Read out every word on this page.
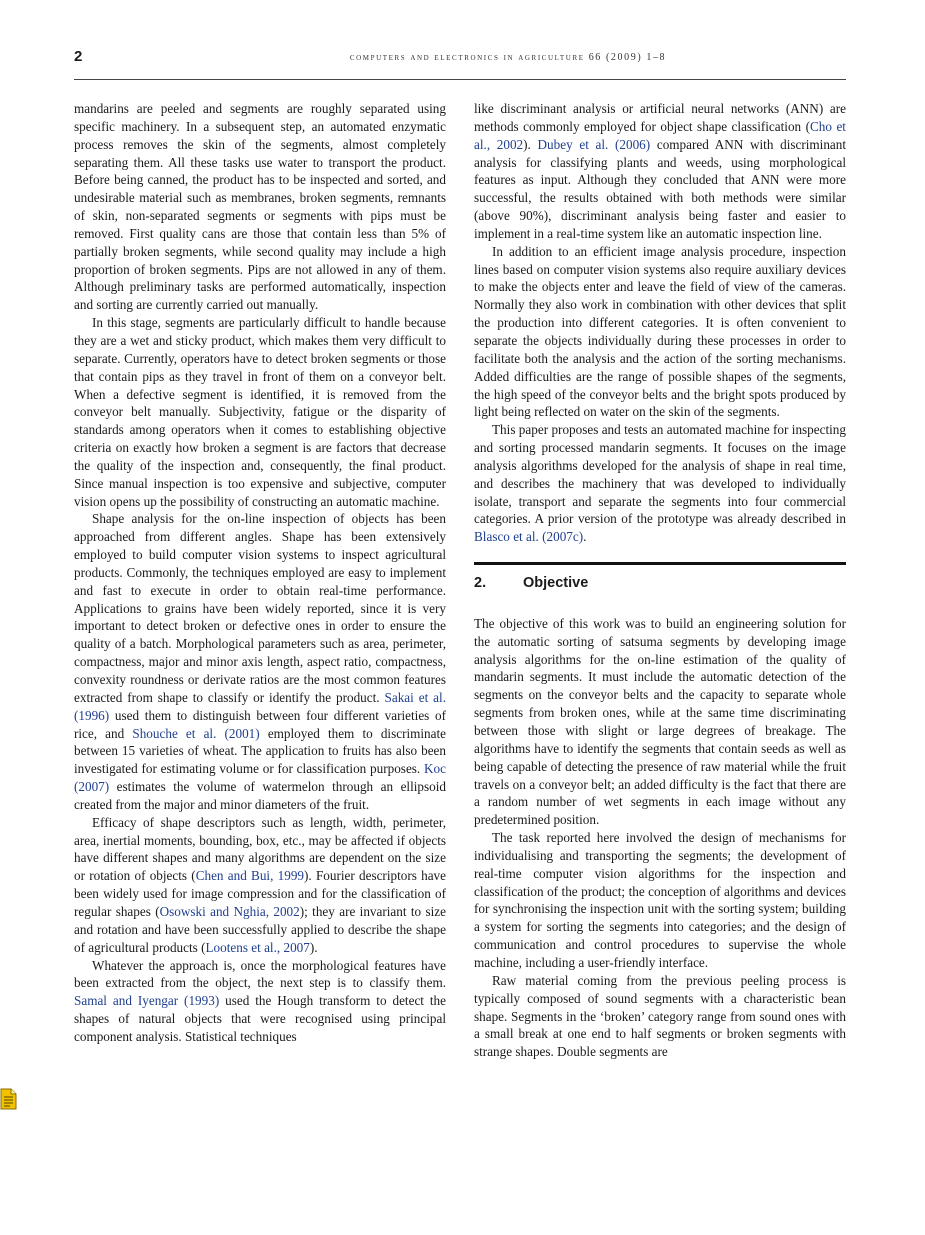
2	computers and electronics in agriculture 66 (2009) 1–8

mandarins are peeled and segments are roughly separated using specific machinery. In a subsequent step, an automated enzymatic process removes the skin of the segments, almost completely separating them. All these tasks use water to transport the product. Before being canned, the product has to be inspected and sorted, and undesirable material such as membranes, broken segments, remnants of skin, non-separated segments or segments with pips must be removed. First quality cans are those that contain less than 5% of partially broken segments, while second quality may include a high proportion of broken segments. Pips are not allowed in any of them. Although preliminary tasks are performed automatically, inspection and sorting are currently carried out manually.

In this stage, segments are particularly difficult to handle because they are a wet and sticky product, which makes them very difficult to separate. Currently, operators have to detect broken segments or those that contain pips as they travel in front of them on a conveyor belt. When a defective segment is identified, it is removed from the conveyor belt manually. Subjectivity, fatigue or the disparity of standards among operators when it comes to establishing objective criteria on exactly how broken a segment is are factors that decrease the quality of the inspection and, consequently, the final product. Since manual inspection is too expensive and subjective, computer vision opens up the possibility of constructing an automatic machine.

Shape analysis for the on-line inspection of objects has been approached from different angles. Shape has been extensively employed to build computer vision systems to inspect agricultural products. Commonly, the techniques employed are easy to implement and fast to execute in order to obtain real-time performance. Applications to grains have been widely reported, since it is very important to detect broken or defective ones in order to ensure the quality of a batch. Morphological parameters such as area, perimeter, compactness, major and minor axis length, aspect ratio, compactness, convexity roundness or derivate ratios are the most common features extracted from shape to classify or identify the product. Sakai et al. (1996) used them to distinguish between four different varieties of rice, and Shouche et al. (2001) employed them to discriminate between 15 varieties of wheat. The application to fruits has also been investigated for estimating volume or for classification purposes. Koc (2007) estimates the volume of watermelon through an ellipsoid created from the major and minor diameters of the fruit.

Efficacy of shape descriptors such as length, width, perimeter, area, inertial moments, bounding, box, etc., may be affected if objects have different shapes and many algorithms are dependent on the size or rotation of objects (Chen and Bui, 1999). Fourier descriptors have been widely used for image compression and for the classification of regular shapes (Osowski and Nghia, 2002); they are invariant to size and rotation and have been successfully applied to describe the shape of agricultural products (Lootens et al., 2007).

Whatever the approach is, once the morphological features have been extracted from the object, the next step is to classify them. Samal and Iyengar (1993) used the Hough transform to detect the shapes of natural objects that were recognised using principal component analysis. Statistical techniques

like discriminant analysis or artificial neural networks (ANN) are methods commonly employed for object shape classification (Cho et al., 2002). Dubey et al. (2006) compared ANN with discriminant analysis for classifying plants and weeds, using morphological features as input. Although they concluded that ANN were more successful, the results obtained with both methods were similar (above 90%), discriminant analysis being faster and easier to implement in a real-time system like an automatic inspection line.

In addition to an efficient image analysis procedure, inspection lines based on computer vision systems also require auxiliary devices to make the objects enter and leave the field of view of the cameras. Normally they also work in combination with other devices that split the production into different categories. It is often convenient to separate the objects individually during these processes in order to facilitate both the analysis and the action of the sorting mechanisms. Added difficulties are the range of possible shapes of the segments, the high speed of the conveyor belts and the bright spots produced by light being reflected on water on the skin of the segments.

This paper proposes and tests an automated machine for inspecting and sorting processed mandarin segments. It focuses on the image analysis algorithms developed for the analysis of shape in real time, and describes the machinery that was developed to individually isolate, transport and separate the segments into four commercial categories. A prior version of the prototype was already described in Blasco et al. (2007c).

2.	Objective

The objective of this work was to build an engineering solution for the automatic sorting of satsuma segments by developing image analysis algorithms for the on-line estimation of the quality of mandarin segments. It must include the automatic detection of the segments on the conveyor belts and the capacity to separate whole segments from broken ones, while at the same time discriminating between those with slight or large degrees of breakage. The algorithms have to identify the segments that contain seeds as well as being capable of detecting the presence of raw material while the fruit travels on a conveyor belt; an added difficulty is the fact that there are a random number of wet segments in each image without any predetermined position.

The task reported here involved the design of mechanisms for individualising and transporting the segments; the development of real-time computer vision algorithms for the inspection and classification of the product; the conception of algorithms and devices for synchronising the inspection unit with the sorting system; building a system for sorting the segments into categories; and the design of communication and control procedures to supervise the whole machine, including a user-friendly interface.

Raw material coming from the previous peeling process is typically composed of sound segments with a characteristic bean shape. Segments in the ‘broken’ category range from sound ones with a small break at one end to half segments or broken segments with strange shapes. Double segments are
